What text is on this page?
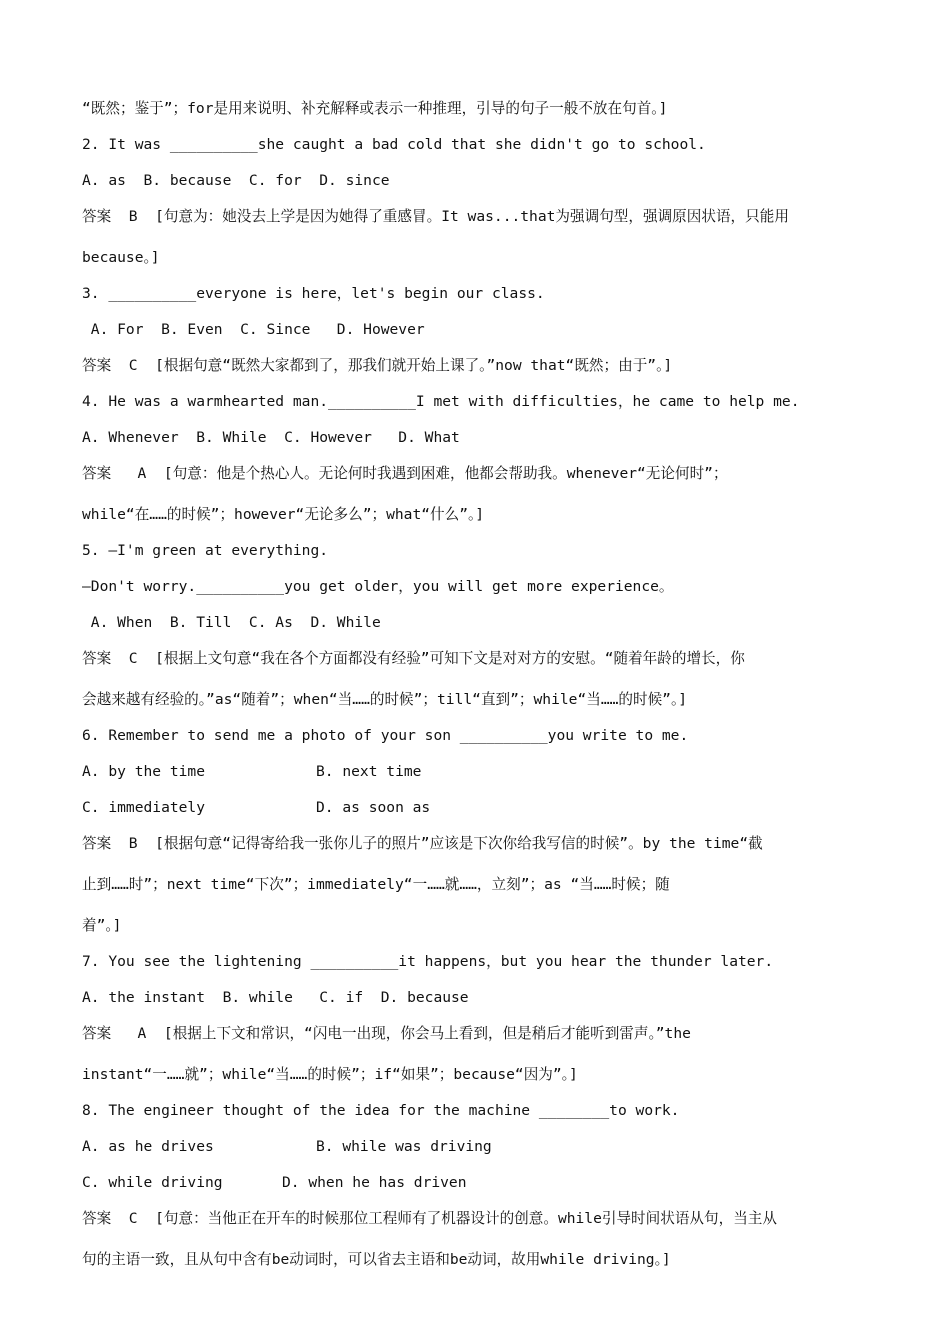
“既然；鉴于”；for是用来说明、补充解释或表示一种推理，引导的句子一般不放在句首。]
2. It was __________she caught a bad cold that she didn't go to school.
A. as  B. because  C. for  D. since
答案  B  [句意为：她没去上学是因为她得了重感冒。It was...that为强调句型，强调原因状语，只能用
because。]
3. __________everyone is here，let's begin our class.
A. For  B. Even  C. Since   D. However
答案  C  [根据句意“既然大家都到了，那我们就开始上课了。”now that“既然；由于”。]
4. He was a warmhearted man.__________I met with difficulties，he came to help me.
A. Whenever  B. While  C. However   D. What
答案   A  [句意：他是个热心人。无论何时我遇到困难，他都会帮助我。whenever“无论何时”；
while“在……的时候”；however“无论多么”；what“什么”。]
5. —I'm green at everything.
—Don't worry.__________you get older，you will get more experience。
A. When  B. Till  C. As  D. While
答案  C  [根据上文句意“我在各个方面都没有经验”可知下文是对对方的安慰。“随着年龄的增长，你
会越来越有经验的。”as“随着”；when“当……的时候”；till“直到”；while“当……的时候”。]
6. Remember to send me a photo of your son __________you write to me.
A. by the time	B. next time
C. immediately	D. as soon as
答案  B  [根据句意“记得寄给我一张你儿子的照片”应该是下次你给我写信的时候”。by the time“截
止到……时”；next time“下次”；immediately“一……就……，立刻”；as “当……时候；随
着”。]
7. You see the lightening __________it happens，but you hear the thunder later.
A. the instant  B. while   C. if  D. because
答案   A  [根据上下文和常识，“闪电一出现，你会马上看到，但是稍后才能听到雷声。”the
instant“一……就”；while“当……的时候”；if“如果”；because“因为”。]
8. The engineer thought of the idea for the machine ________to work.
A. as he drives	B. while was driving
C. while driving	D. when he has driven
答案  C  [句意：当他正在开车的时候那位工程师有了机器设计的创意。while引导时间状语从句，当主从
句的主语一致，且从句中含有be动词时，可以省去主语和be动词，故用while driving。]
